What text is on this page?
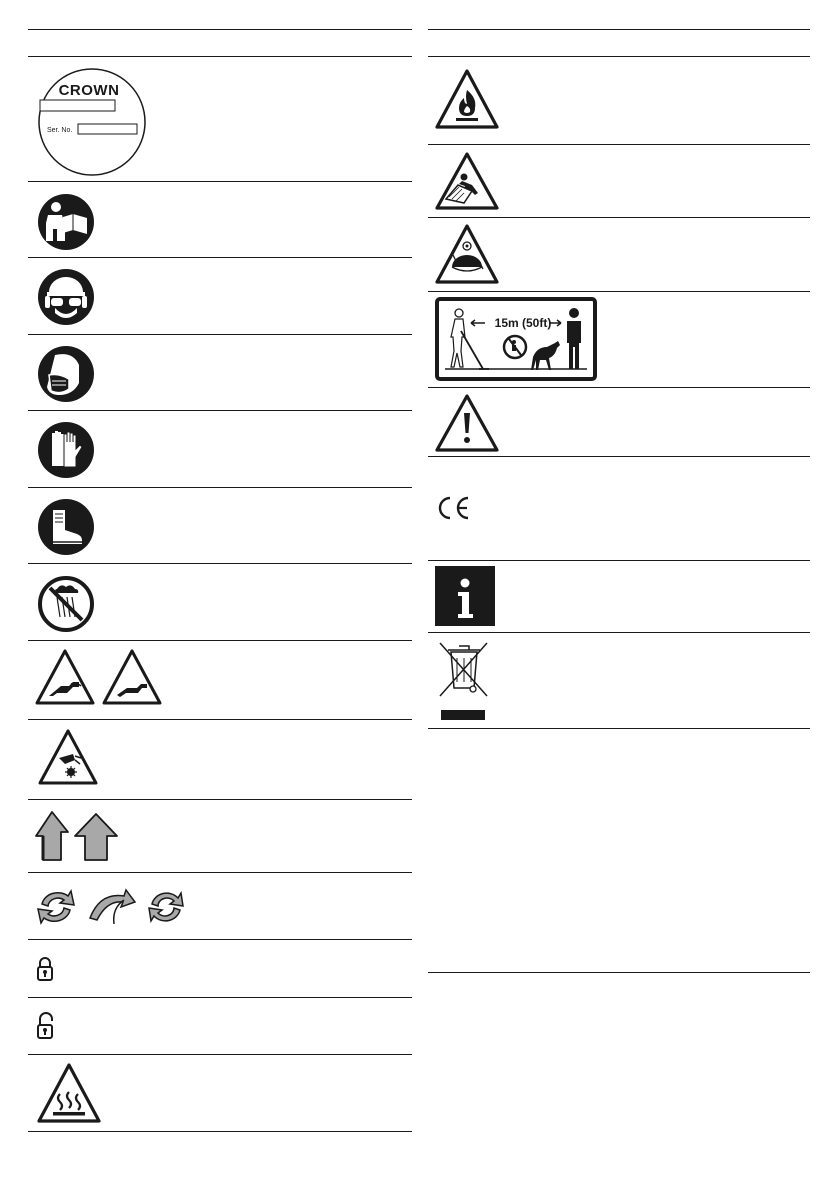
CROWN
Ser. No.
15m (50ft)
